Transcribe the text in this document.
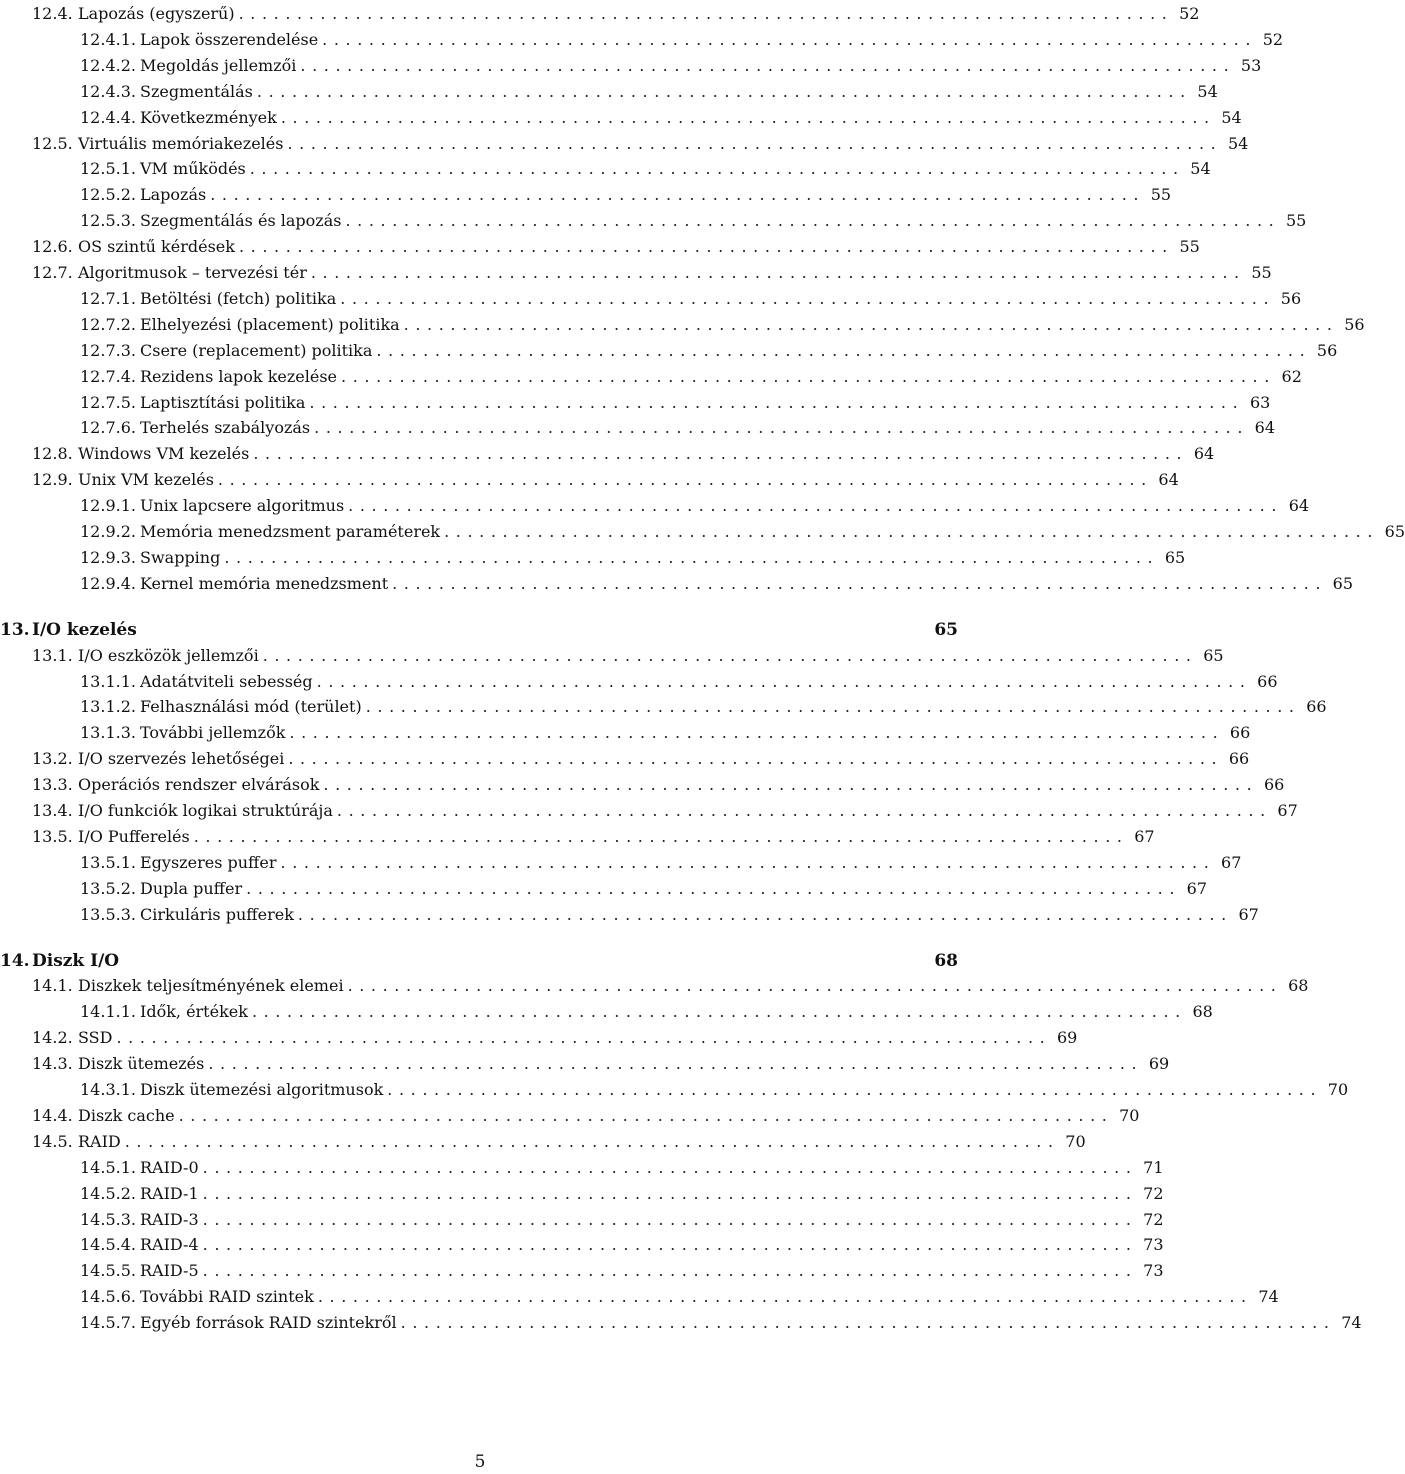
12.4. Lapozás (egyszerű) ................................................................................ 52
12.4.1. Lapok összerendelése ................................................................................ 52
12.4.2. Megoldás jellemzői ................................................................................ 53
12.4.3. Szegmentálás ................................................................................ 54
12.4.4. Következmények ................................................................................ 54
12.5. Virtuális memóriakezelés ................................................................................ 54
12.5.1. VM működés ................................................................................ 54
12.5.2. Lapozás ................................................................................ 55
12.5.3. Szegmentálás és lapozás ................................................................................ 55
12.6. OS szintű kérdések ................................................................................ 55
12.7. Algoritmusok – tervezési tér ................................................................................ 55
12.7.1. Betöltési (fetch) politika ................................................................................ 56
12.7.2. Elhelyezési (placement) politika ................................................................................ 56
12.7.3. Csere (replacement) politika ................................................................................ 56
12.7.4. Rezidens lapok kezelése ................................................................................ 62
12.7.5. Laptisztítási politika ................................................................................ 63
12.7.6. Terhelés szabályozás ................................................................................ 64
12.8. Windows VM kezelés ................................................................................ 64
12.9. Unix VM kezelés ................................................................................ 64
12.9.1. Unix lapcsere algoritmus ................................................................................ 64
12.9.2. Memória menedzsment paraméterek ................................................................................ 65
12.9.3. Swapping ................................................................................ 65
12.9.4. Kernel memória menedzsment ................................................................................ 65
13. I/O kezelés	65
13.1. I/O eszközök jellemzői ................................................................................ 65
13.1.1. Adatátviteli sebesség ................................................................................ 66
13.1.2. Felhasználási mód (terület) ................................................................................ 66
13.1.3. További jellemzők ................................................................................ 66
13.2. I/O szervezés lehetőségei ................................................................................ 66
13.3. Operációs rendszer elvárások ................................................................................ 66
13.4. I/O funkciók logikai struktúrája ................................................................................ 67
13.5. I/O Pufferelés ................................................................................ 67
13.5.1. Egyszeres puffer ................................................................................ 67
13.5.2. Dupla puffer ................................................................................ 67
13.5.3. Cirkuláris pufferek ................................................................................ 67
14. Diszk I/O	68
14.1. Diszkek teljesítményének elemei ................................................................................ 68
14.1.1. Idők, értékek ................................................................................ 68
14.2. SSD ................................................................................ 69
14.3. Diszk ütemezés ................................................................................ 69
14.3.1. Diszk ütemezési algoritmusok ................................................................................ 70
14.4. Diszk cache ................................................................................ 70
14.5. RAID ................................................................................ 70
14.5.1. RAID-0 ................................................................................ 71
14.5.2. RAID-1 ................................................................................ 72
14.5.3. RAID-3 ................................................................................ 72
14.5.4. RAID-4 ................................................................................ 73
14.5.5. RAID-5 ................................................................................ 73
14.5.6. További RAID szintek ................................................................................ 74
14.5.7. Egyéb források RAID szintekről ................................................................................ 74
5
